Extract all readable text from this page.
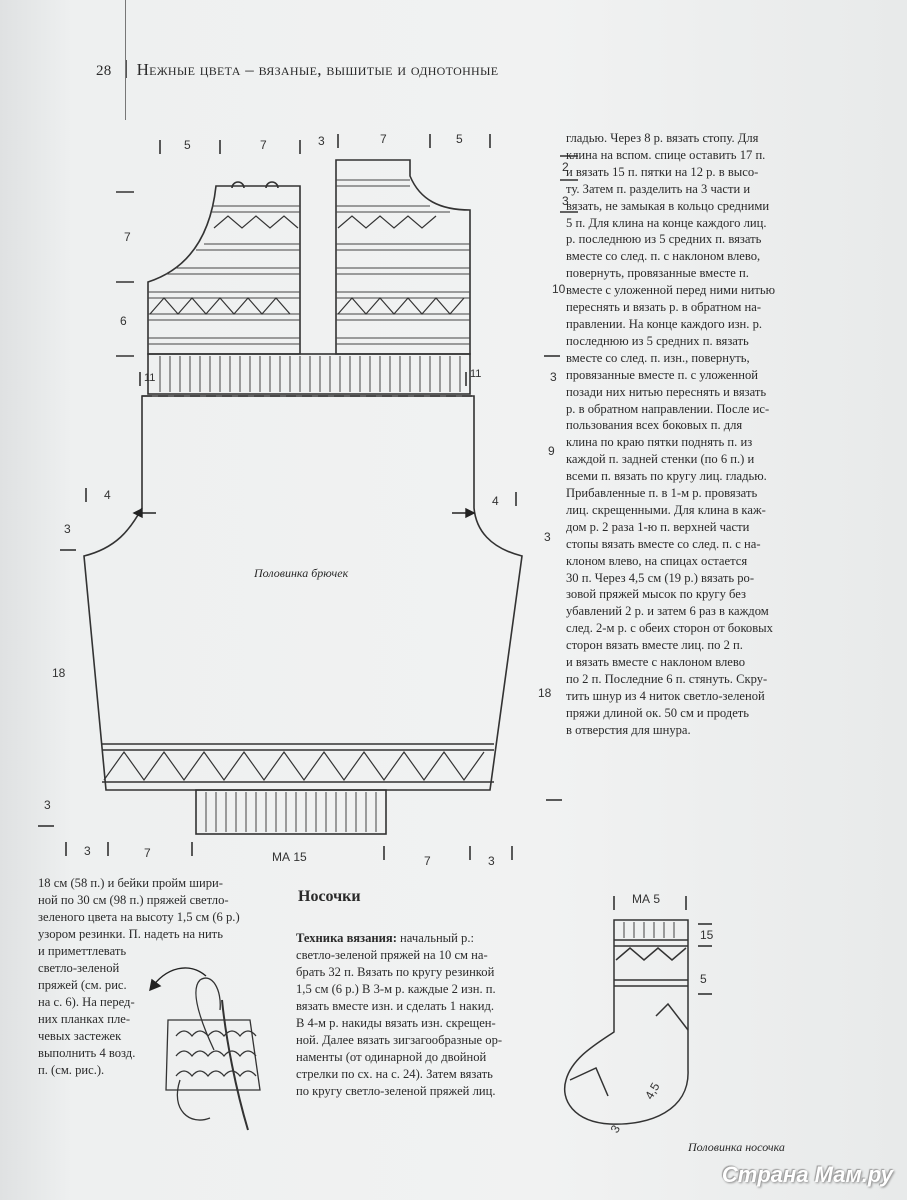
28 Нежные цвета – вязаные, вышитые и однотонные
5	7	3	7	5
7
6
4
3
18
3
2
3
10
3
9
4
3
18
3	7	МА 15	7	3
11	11
Половинка брючек

гладью. Через 8 р. вязать стопу. Для

клина на вспом. спице оставить 17 п.

и вязать 15 п. пятки на 12 р. в высо-

ту. Затем п. разделить на 3 части и

вязать, не замыкая в кольцо средними

5 п. Для клина на конце каждого лиц.

р. последнюю из 5 средних п. вязать

вместе со след. п. с наклоном влево,

повернуть, провязанные вместе п.

вместе с уложенной перед ними нитью

переснять и вязать р. в обратном на-

правлении. На конце каждого изн. р.

последнюю из 5 средних п. вязать

вместе со след. п. изн., повернуть,

провязанные вместе п. с уложенной

позади них нитью переснять и вязать

р. в обратном направлении. После ис-

пользования всех боковых п. для

клина по краю пятки поднять п. из

каждой п. задней стенки (по 6 п.) и

всеми п. вязать по кругу лиц. гладью.

Прибавленные п. в 1-м р. провязать

лиц. скрещенными. Для клина в каж-

дом р. 2 раза 1-ю п. верхней части

стопы вязать вместе со след. п. с на-

клоном влево, на спицах остается

30 п. Через 4,5 см (19 р.) вязать ро-

зовой пряжей мысок по кругу без

убавлений 2 р. и затем 6 раз в каждом

след. 2-м р. с обеих сторон от боковых

сторон вязать вместе лиц. по 2 п.

и вязать вместе с наклоном влево

по 2 п. Последние 6 п. стянуть. Скру-

тить шнур из 4 ниток светло-зеленой

пряжи длиной ок. 50 см и продеть

в отверстия для шнура.

18 см (58 п.) и бейки пройм шири-

ной по 30 см (98 п.) пряжей светло-

зеленого цвета на высоту 1,5 см (6 р.)

узором резинки. П. надеть на нить

и приметтлевать

светло-зеленой

пряжей (см. рис.

на с. 6). На перед-

них планках пле-

чевых застежек

выполнить 4 возд.

п. (см. рис.).

Носочки

Техника вязания: начальный р.:

светло-зеленой пряжей на 10 см на-

брать 32 п. Вязать по кругу резинкой

1,5 см (6 р.) В 3-м р. каждые 2 изн. п.

вязать вместе изн. и сделать 1 накид.

В 4-м р. накиды вязать изн. скрещен-

ной. Далее вязать зигзагообразные ор-

наменты (от одинарной до двойной

стрелки по сх. на с. 24). Затем вязать

по кругу светло-зеленой пряжей лиц.

МА 5
15
5
3
4,5
Половинка носочка
Страна Мам.ру
